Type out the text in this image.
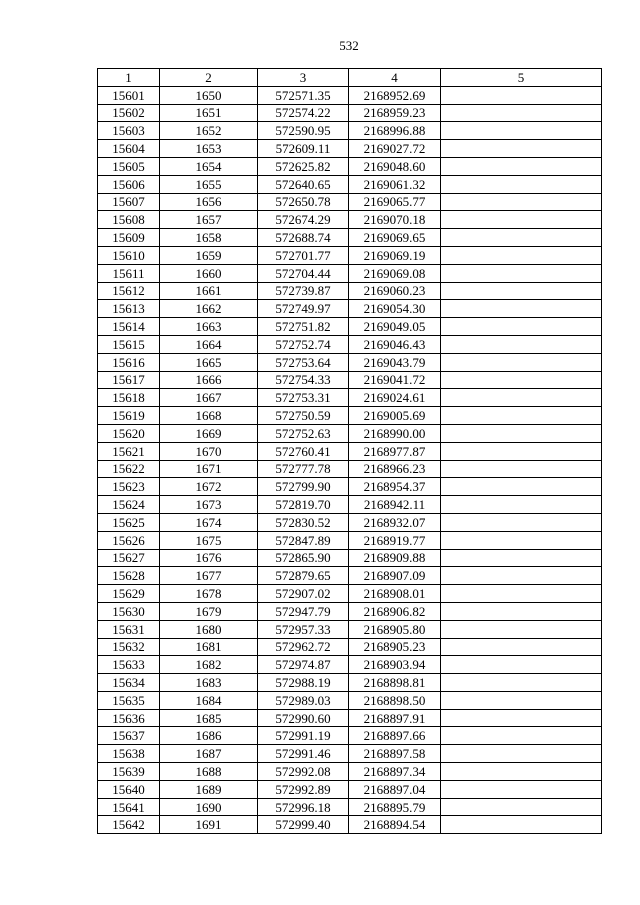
532
1	2	3	4	5
15601	1650	572571.35	2168952.69	
15602	1651	572574.22	2168959.23	
15603	1652	572590.95	2168996.88	
15604	1653	572609.11	2169027.72	
15605	1654	572625.82	2169048.60	
15606	1655	572640.65	2169061.32	
15607	1656	572650.78	2169065.77	
15608	1657	572674.29	2169070.18	
15609	1658	572688.74	2169069.65	
15610	1659	572701.77	2169069.19	
15611	1660	572704.44	2169069.08	
15612	1661	572739.87	2169060.23	
15613	1662	572749.97	2169054.30	
15614	1663	572751.82	2169049.05	
15615	1664	572752.74	2169046.43	
15616	1665	572753.64	2169043.79	
15617	1666	572754.33	2169041.72	
15618	1667	572753.31	2169024.61	
15619	1668	572750.59	2169005.69	
15620	1669	572752.63	2168990.00	
15621	1670	572760.41	2168977.87	
15622	1671	572777.78	2168966.23	
15623	1672	572799.90	2168954.37	
15624	1673	572819.70	2168942.11	
15625	1674	572830.52	2168932.07	
15626	1675	572847.89	2168919.77	
15627	1676	572865.90	2168909.88	
15628	1677	572879.65	2168907.09	
15629	1678	572907.02	2168908.01	
15630	1679	572947.79	2168906.82	
15631	1680	572957.33	2168905.80	
15632	1681	572962.72	2168905.23	
15633	1682	572974.87	2168903.94	
15634	1683	572988.19	2168898.81	
15635	1684	572989.03	2168898.50	
15636	1685	572990.60	2168897.91	
15637	1686	572991.19	2168897.66	
15638	1687	572991.46	2168897.58	
15639	1688	572992.08	2168897.34	
15640	1689	572992.89	2168897.04	
15641	1690	572996.18	2168895.79	
15642	1691	572999.40	2168894.54	
